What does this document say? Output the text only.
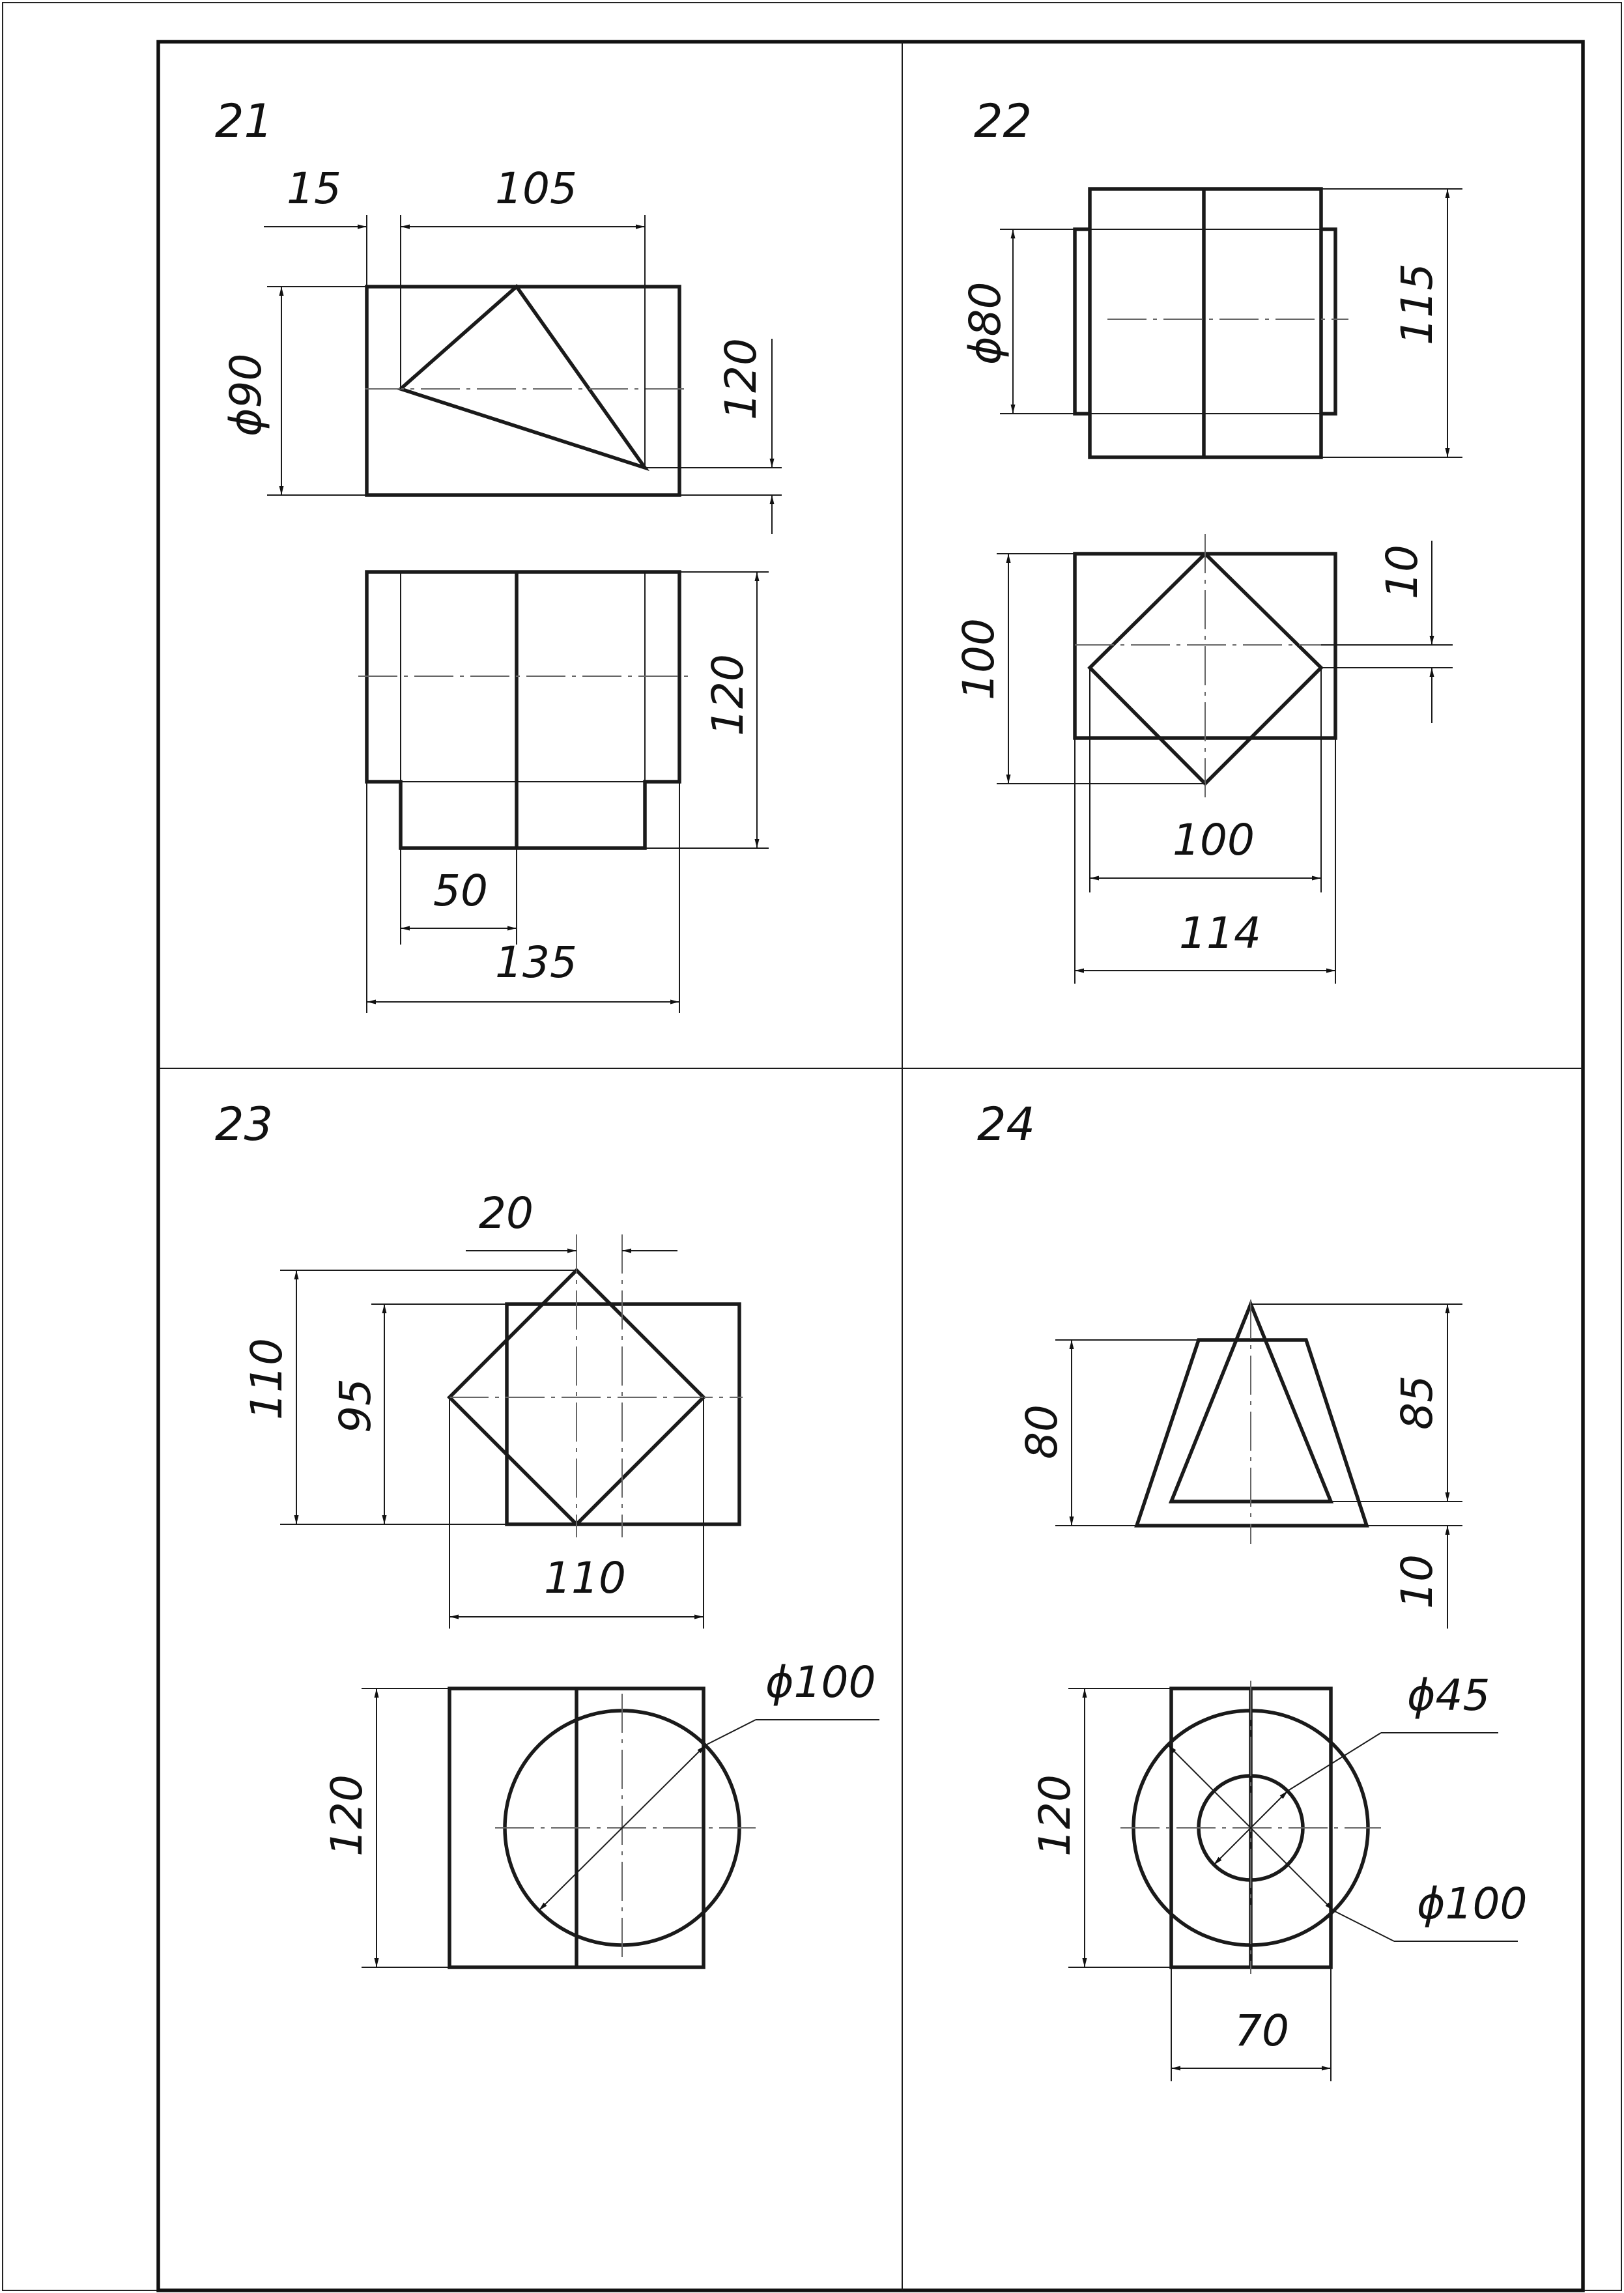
21
15	105
ϕ90	120
120
50
135
22
ϕ80	115
100
10
100
114
23
20
110 95
110
ϕ100
120
24
80
85
10
ϕ45
ϕ100
120
70
